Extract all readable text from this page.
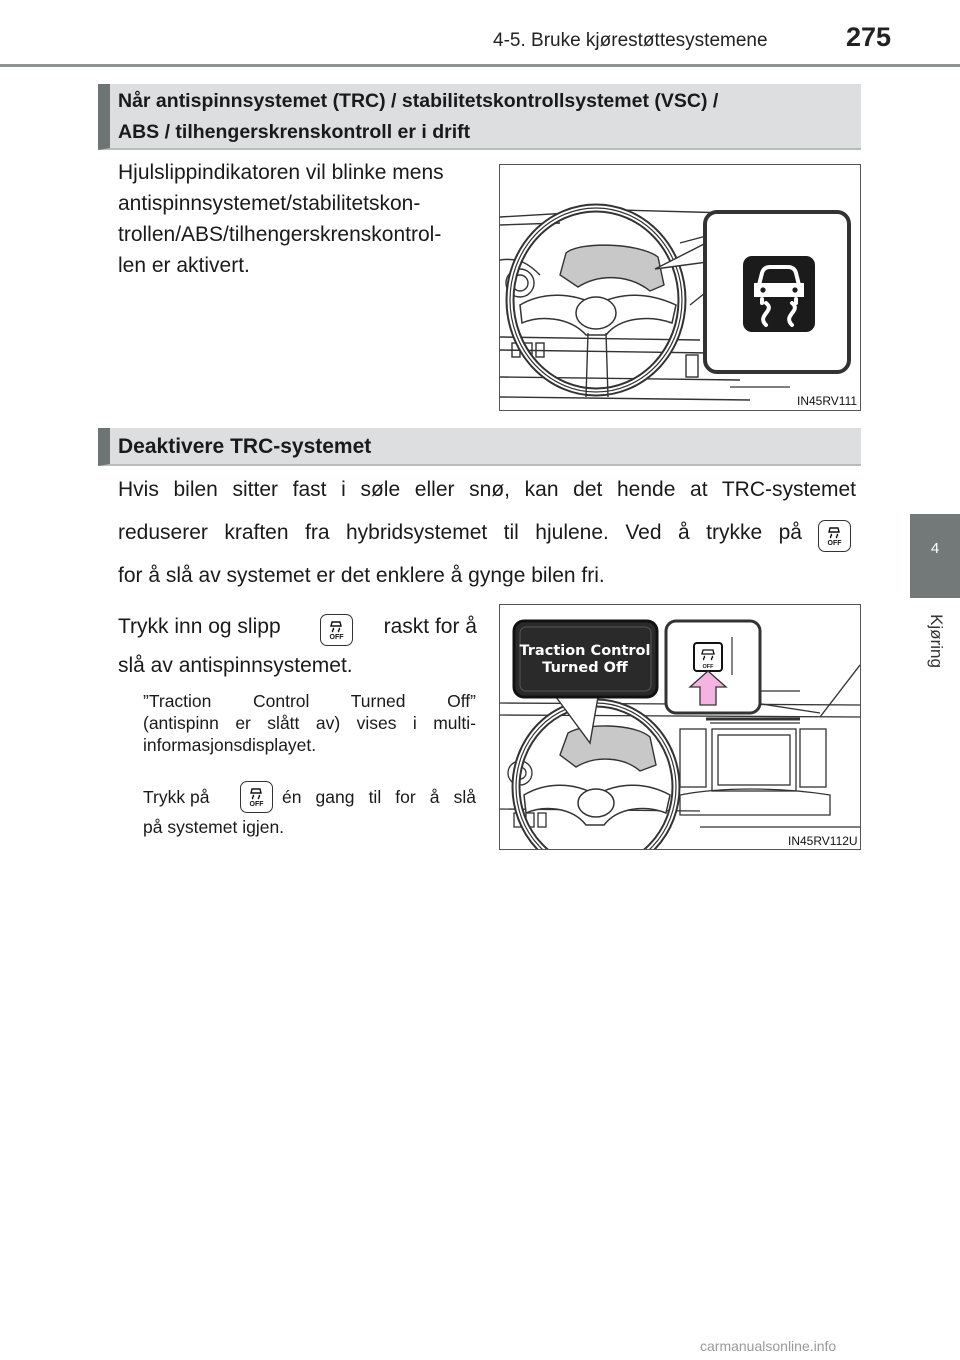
4-5. Bruke kjørestøttesystemene	275
4
Kjøring
Når antispinnsystemet (TRC) / stabilitetskontrollsystemet (VSC) /
ABS / tilhengerskrenskontroll er i drift
Hjulslippindikatoren vil blinke mens
antispinnsystemet/stabilitetskon-
trollen/ABS/tilhengerskrenskontrol-
len er aktivert.
IN45RV111
Deaktivere TRC-systemet
Hvis bilen sitter fast i søle eller snø, kan det hende at TRC-systemet
reduserer kraften fra hybridsystemet til hjulene. Ved å trykke på	OFF
for å slå av systemet er det enklere å gynge bilen fri.
Trykk inn og slipp	OFF	raskt for å
slå av antispinnsystemet.
”Traction Control Turned Off”
(antispinn er slått av) vises i multi-
informasjonsdisplayet.
Trykk på	OFF	én gang til for å slå
på systemet igjen.
OFF
Traction Control
Turned Off
IN45RV112U
carmanualsonline.info
